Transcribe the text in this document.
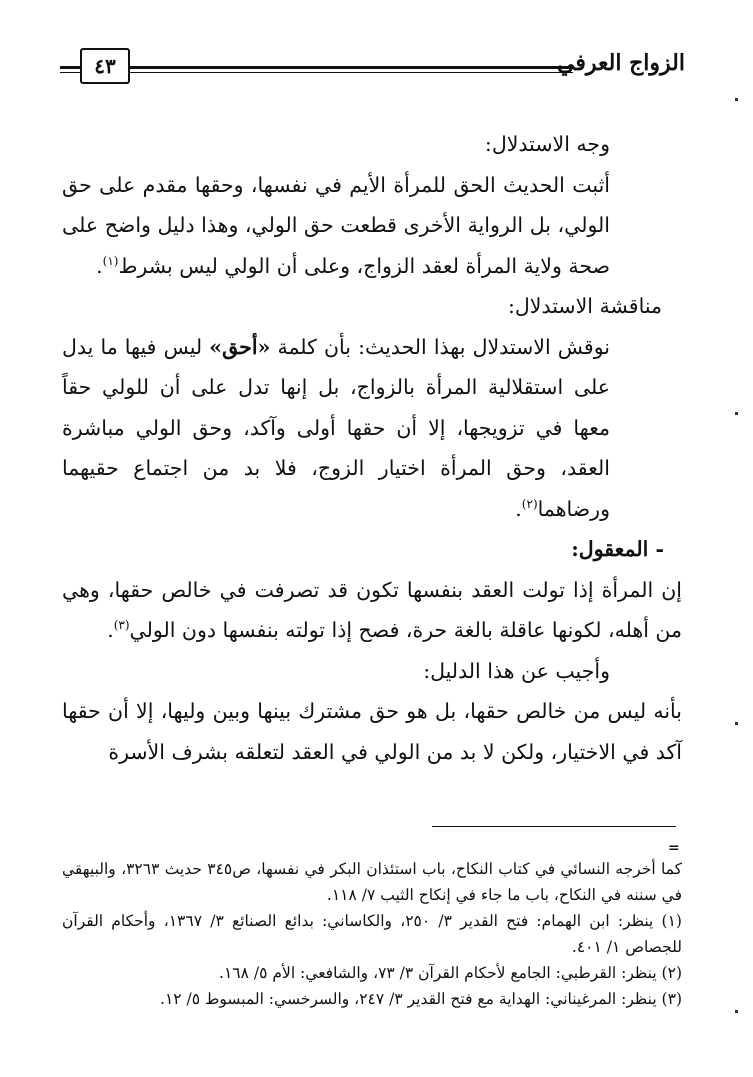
الزواج العرفي
٤٣

وجه الاستدلال:

أثبت الحديث الحق للمرأة الأيم في نفسها، وحقها مقدم على حق الولي، بل الرواية الأخرى قطعت حق الولي، وهذا دليل واضح على صحة ولاية المرأة لعقد الزواج، وعلى أن الولي ليس بشرط$^{(١)}$.

مناقشة الاستدلال:

نوقش الاستدلال بهذا الحديث: بأن كلمة «أحق» ليس فيها ما يدل على استقلالية المرأة بالزواج، بل إنها تدل على أن للولي حقاً معها في تزويجها، إلا أن حقها أولى وآكد، وحق الولي مباشرة العقد، وحق المرأة اختيار الزوج، فلا بد من اجتماع حقيهما ورضاهما$^{(٢)}$.

- المعقول:

إن المرأة إذا تولت العقد بنفسها تكون قد تصرفت في خالص حقها، وهي من أهله، لكونها عاقلة بالغة حرة، فصح إذا تولته بنفسها دون الولي$^{(٣)}$.

وأجيب عن هذا الدليل:

بأنه ليس من خالص حقها، بل هو حق مشترك بينها وبين وليها، إلا أن حقها آكد في الاختيار، ولكن لا بد من الولي في العقد لتعلقه بشرف الأسرة

=

كما أخرجه النسائي في كتاب النكاح، باب استئذان البكر في نفسها، ص٣٤٥ حديث ٣٢٦٣، والبيهقي في سننه في النكاح، باب ما جاء في إنكاح الثيب ٧/ ١١٨.

(١) ينظر: ابن الهمام: فتح القدير ٣/ ٢٥٠، والكاساني: بدائع الصنائع ٣/ ١٣٦٧، وأحكام القرآن للجصاص ١/ ٤٠١.

(٢) ينظر: القرطبي: الجامع لأحكام القرآن ٣/ ٧٣، والشافعي: الأم ٥/ ١٦٨.

(٣) ينظر: المرغيناني: الهداية مع فتح القدير ٣/ ٢٤٧، والسرخسي: المبسوط ٥/ ١٢.
